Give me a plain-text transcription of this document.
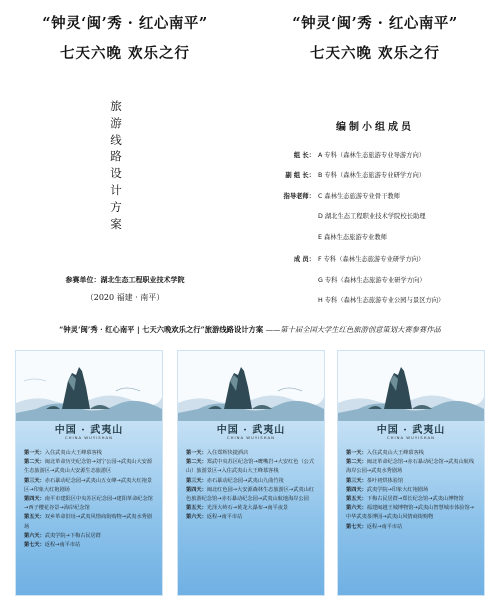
“钟灵‘闽’秀 · 红心南平”
七天六晚 欢乐之行
旅
游
线
路
设
计
方
案
参赛单位：湖北生态工程职业技术学院
（2020 福建 · 南平）
“钟灵‘闽’秀 · 红心南平”
七天六晚 欢乐之行
编制小组成员
组 长： A 专科（森林生态旅游专业导游方向）
副 组 长： B 专科（森林生态旅游专业研学方向）
指导老师： C 森林生态旅游专业骨干教师
D 湖北生态工程职业技术学院校长助理
E 森林生态旅游专业教师
成 员： F 专科（森林生态旅游专业研学方向）
G 专科（森林生态旅游专业研学方向）
H 专科（森林生态旅游专业公园与景区方向）
“钟灵‘闽’秀 · 红心南平 | 七天六晚欢乐之行”旅游线路设计方案 ——第十届全国大学生红色旅游创意策划大赛参赛作品
中国 · 武夷山
CHINA WUYISHAN

第一天：入住武夷山大王峰慕客栈

第二天：闽北革命历史纪念馆→刘宁公园→武夷山大安源生态旅游区→武夷山大安源生态旅游区

第三天：赤石暴动纪念园→武夷山五女峰→武夷大红袍景区→印象大红袍剧场

第四天：南平市建阳区中央苏区纪念园→建阳革命纪念馆→西子樱花谷景→海岸纪念馆

第五天：双乡革命旧址→武夷风情商街购物→武夷水秀剧场

第六天：武夷学院→下梅古民居群

第七天：返程→南平市站

中国 · 武夷山
CHINA WUYISHAN

第一天：入住郑辉快捷酒店

第二天：郑武中央苏区纪念馆→鹰嘴岩→大安红色（公式山）旅游景区→入住武夷山大王峰慕客栈

第三天：赤石暴动纪念园→武夷山九曲竹筏

第四天：闽北红色园→大安源森林生态旅游区→武夷山红色旅游纪念馆→赤石暴动纪念园→武夷山航地海岸公园

第五天：光泽大岭石→黄龙大瀑布→南平夜景

第六天：返程→南平市站

中国 · 武夷山
CHINA WUYISHAN

第一天：入住武夷山大王峰慕客栈

第二天：闽北革命纪念馆→赤石暴动纪念馆→武夷山航线海岸公园→武夷水秀剧场

第三天：茶叶初烘体验馆

第四天：武夷学院→印象大红袍剧场

第五天：下梅古民居群→郑长纪念馆→武夷山博物馆

第六天：福建闽越王城博物馆→武夷山智慧城市体验馆→中华武夷茶博园→武夷山风情商街购物

第七天：返程→南平市站
